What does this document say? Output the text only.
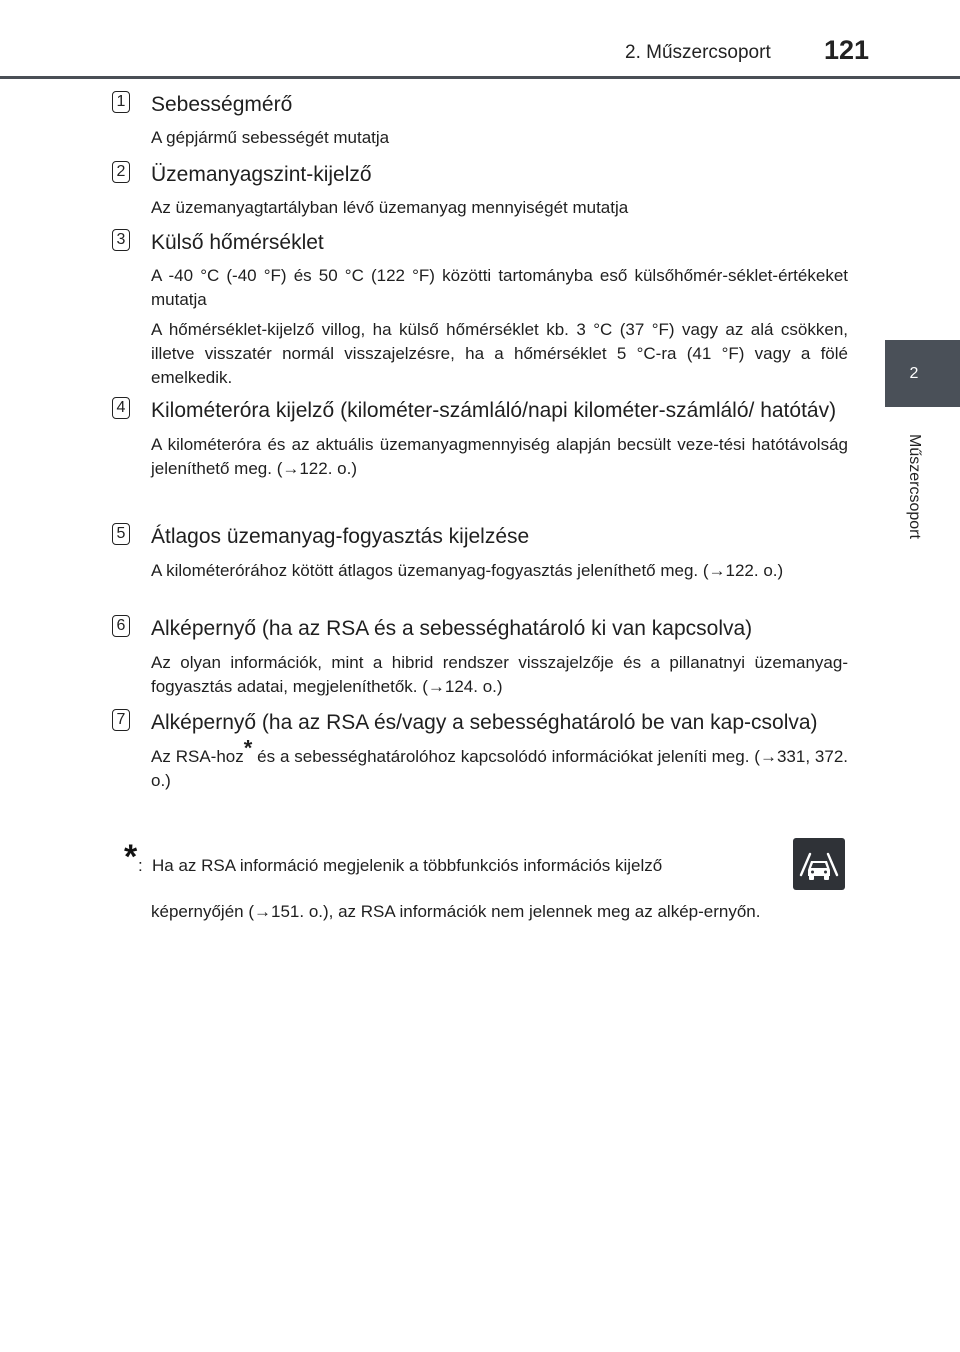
2. Műszercsoport 121
2
Műszercsoport
1 Sebességmérő
A gépjármű sebességét mutatja
2 Üzemanyagszint-kijelző
Az üzemanyagtartályban lévő üzemanyag mennyiségét mutatja
3 Külső hőmérséklet
A -40 °C (-40 °F) és 50 °C (122 °F) közötti tartományba eső külsőhőmér-séklet-értékeket mutatja
A hőmérséklet-kijelző villog, ha külső hőmérséklet kb. 3 °C (37 °F) vagy az alá csökken, illetve visszatér normál visszajelzésre, ha a hőmérséklet 5 °C-ra (41 °F) vagy a fölé emelkedik.
4 Kilométeróra kijelző (kilométer-számláló/napi kilométer-számláló/ hatótáv)
A kilométeróra és az aktuális üzemanyagmennyiség alapján becsült veze-tési hatótávolság jeleníthető meg. (→122. o.)
5 Átlagos üzemanyag-fogyasztás kijelzése
A kilométerórához kötött átlagos üzemanyag-fogyasztás jeleníthető meg. (→122. o.)
6 Alképernyő (ha az RSA és a sebességhatároló ki van kapcsolva)
Az olyan információk, mint a hibrid rendszer visszajelzője és a pillanatnyi üzemanyag-fogyasztás adatai, megjeleníthetők. (→124. o.)
7 Alképernyő (ha az RSA és/vagy a sebességhatároló be van kap-csolva)
Az RSA-hoz* és a sebességhatárolóhoz kapcsolódó információkat jeleníti meg. (→331, 372. o.)
* : Ha az RSA információ megjelenik a többfunkciós információs kijelző
képernyőjén (→151. o.), az RSA információk nem jelennek meg az alkép-ernyőn.
